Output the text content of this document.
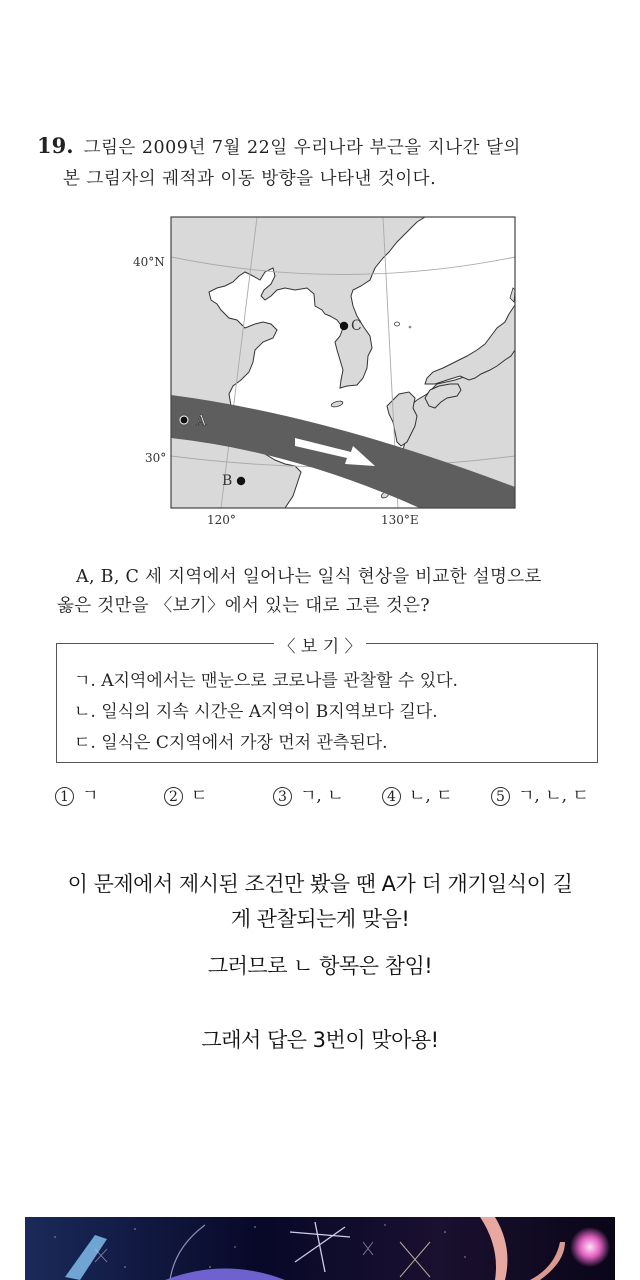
19. 그림은 2009년 7월 22일 우리나라 부근을 지나간 달의
본 그림자의 궤적과 이동 방향을 나타낸 것이다.
A
B
C
40°N
30°
120°	130°E
A, B, C 세 지역에서 일어나는 일식 현상을 비교한 설명으로
옳은 것만을 〈보기〉에서 있는 대로 고른 것은?
〈 보 기 〉
ㄱ. A지역에서는 맨눈으로 코로나를 관찰할 수 있다.
ㄴ. 일식의 지속 시간은 A지역이 B지역보다 길다.
ㄷ. 일식은 C지역에서 가장 먼저 관측된다.
1 ㄱ	2 ㄷ	3 ㄱ, ㄴ	4 ㄴ, ㄷ	5 ㄱ, ㄴ, ㄷ
이 문제에서 제시된 조건만 봤을 땐 A가 더 개기일식이 길
게 관찰되는게 맞음!
그러므로 ㄴ 항목은 참임!
그래서 답은 3번이 맞아용!
